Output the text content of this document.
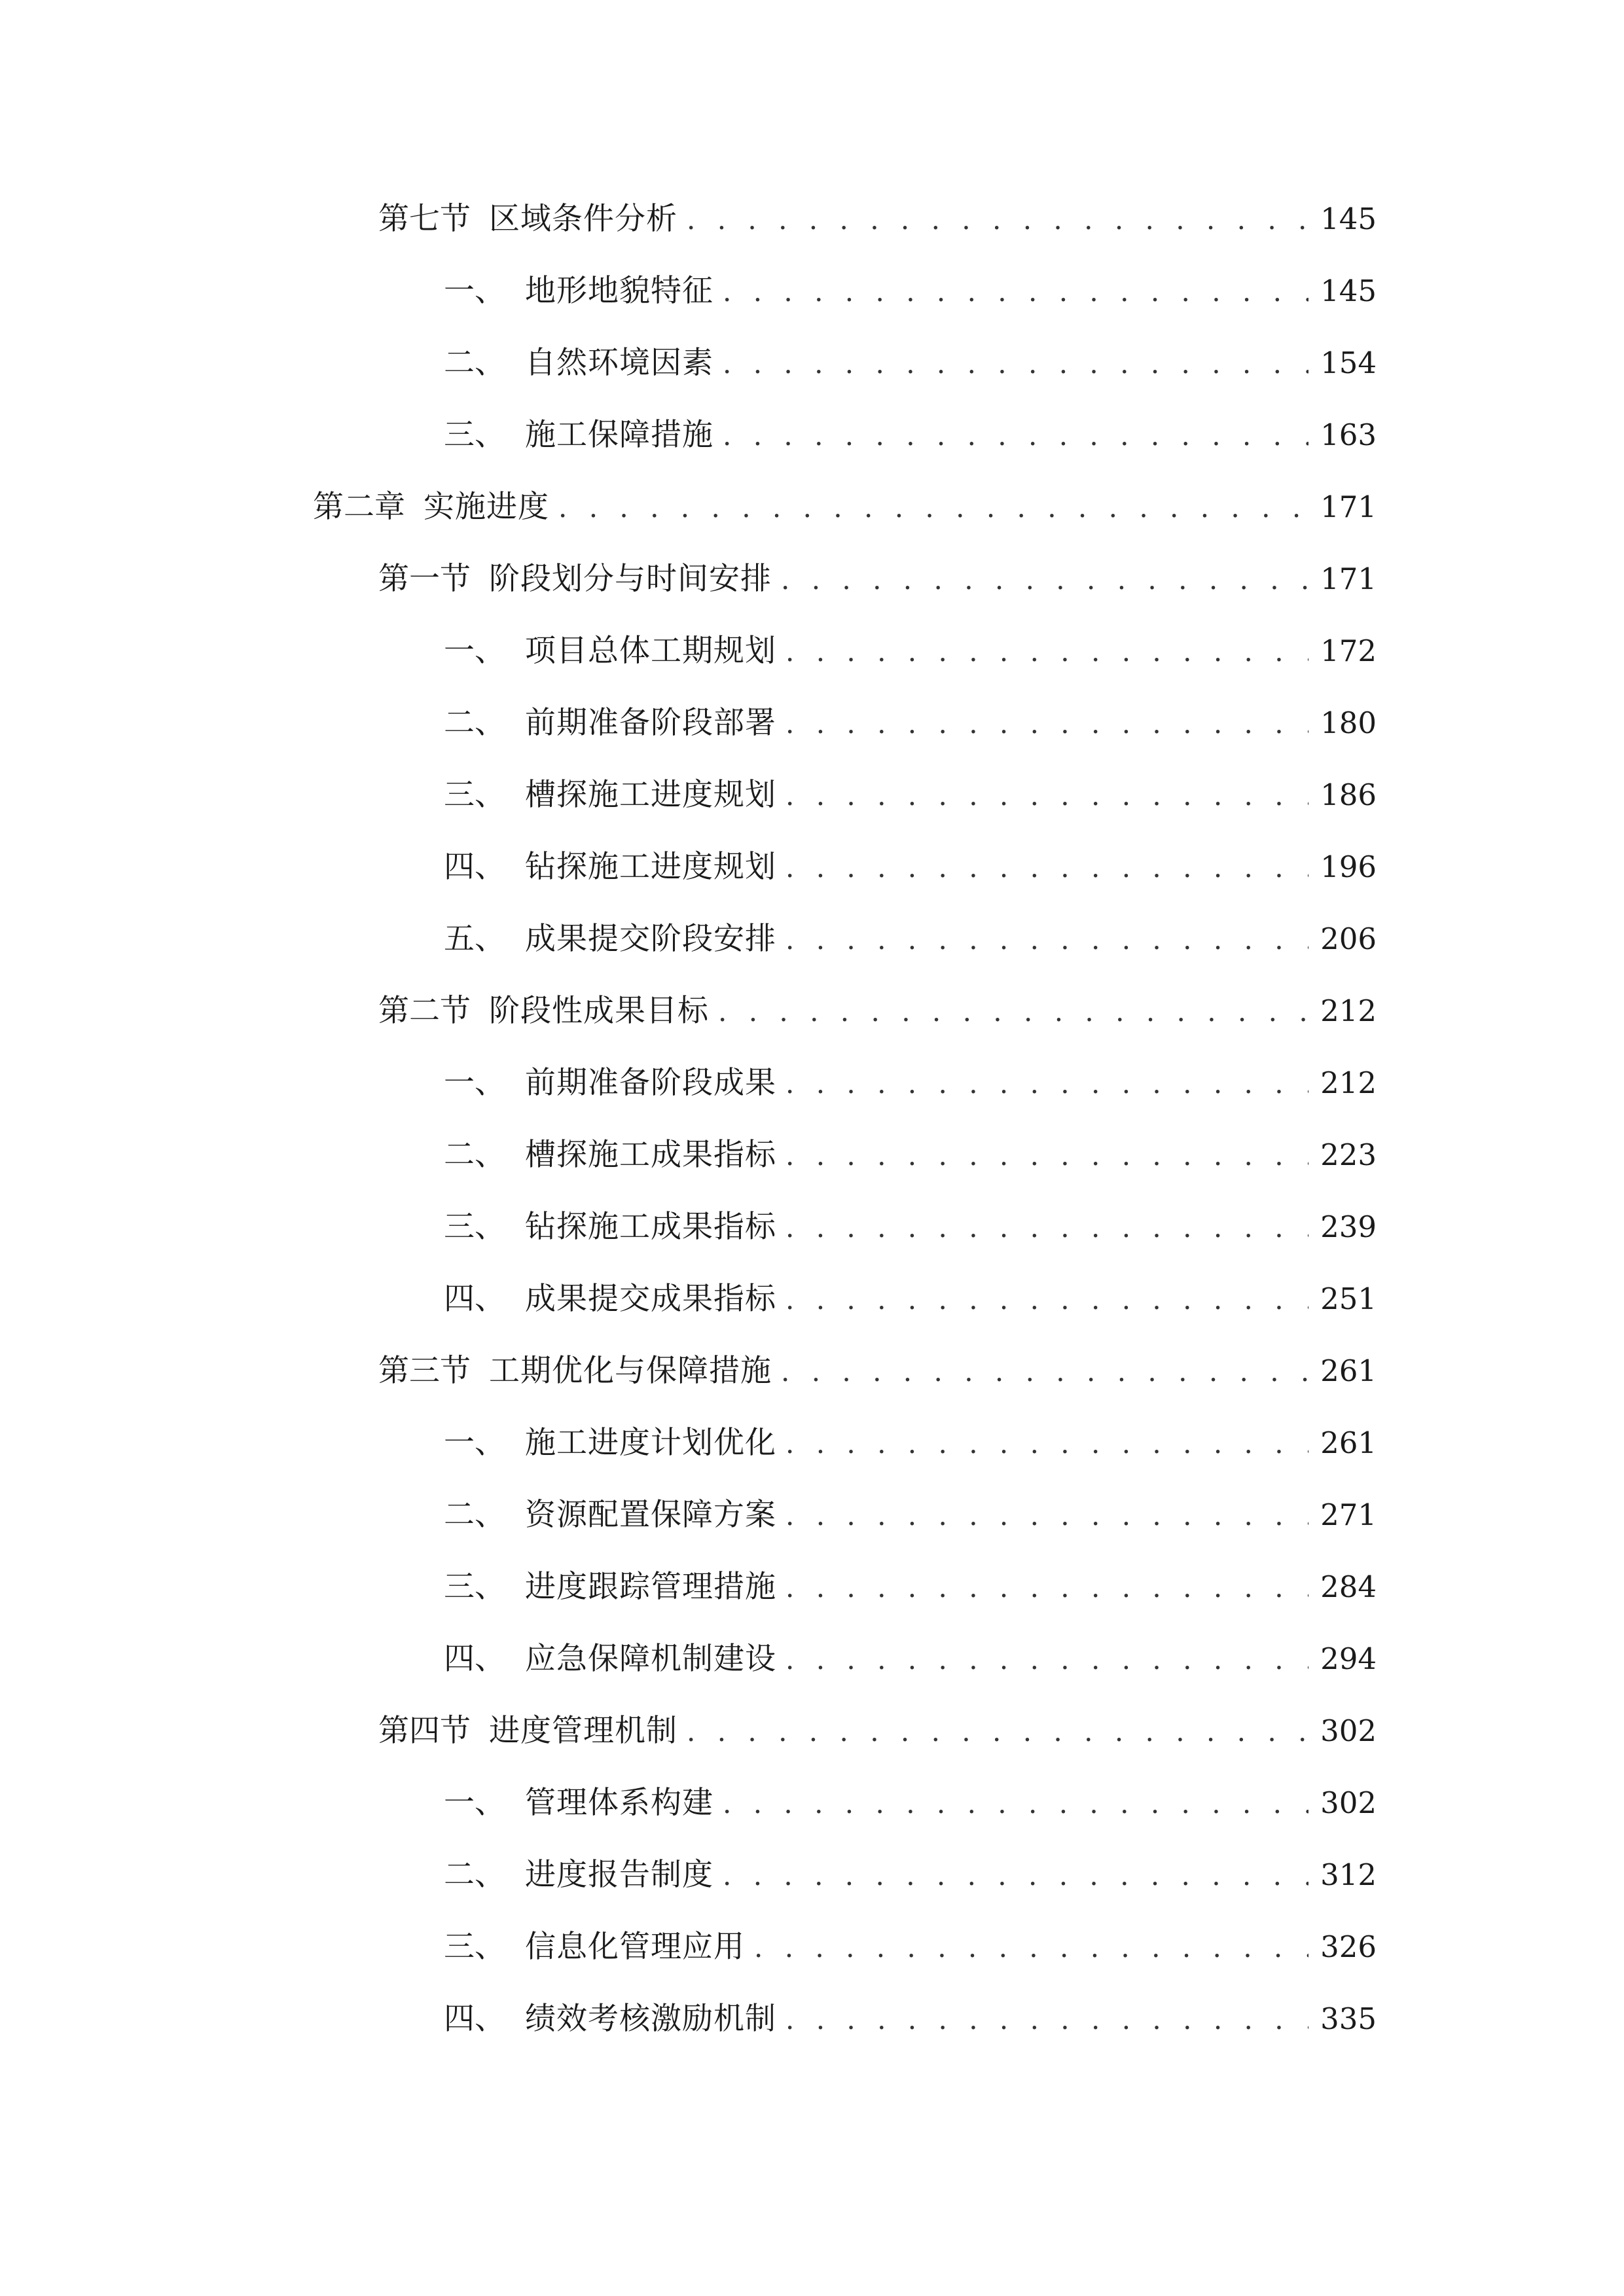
第七节 区域条件分析 . . .	145
一、 地形地貌特征 . . .	145
二、 自然环境因素 . . .	154
三、 施工保障措施 . . .	163
第二章 实施进度 . . .	171
第一节 阶段划分与时间安排 . . .	171
一、 项目总体工期规划 . . .	172
二、 前期准备阶段部署 . . .	180
三、 槽探施工进度规划 . . .	186
四、 钻探施工进度规划 . . .	196
五、 成果提交阶段安排 . . .	206
第二节 阶段性成果目标 . . .	212
一、 前期准备阶段成果 . . .	212
二、 槽探施工成果指标 . . .	223
三、 钻探施工成果指标 . . .	239
四、 成果提交成果指标 . . .	251
第三节 工期优化与保障措施 . . .	261
一、 施工进度计划优化 . . .	261
二、 资源配置保障方案 . . .	271
三、 进度跟踪管理措施 . . .	284
四、 应急保障机制建设 . . .	294
第四节 进度管理机制 . . .	302
一、 管理体系构建 . . .	302
二、 进度报告制度 . . .	312
三、 信息化管理应用 . . .	326
四、 绩效考核激励机制 . . .	335
